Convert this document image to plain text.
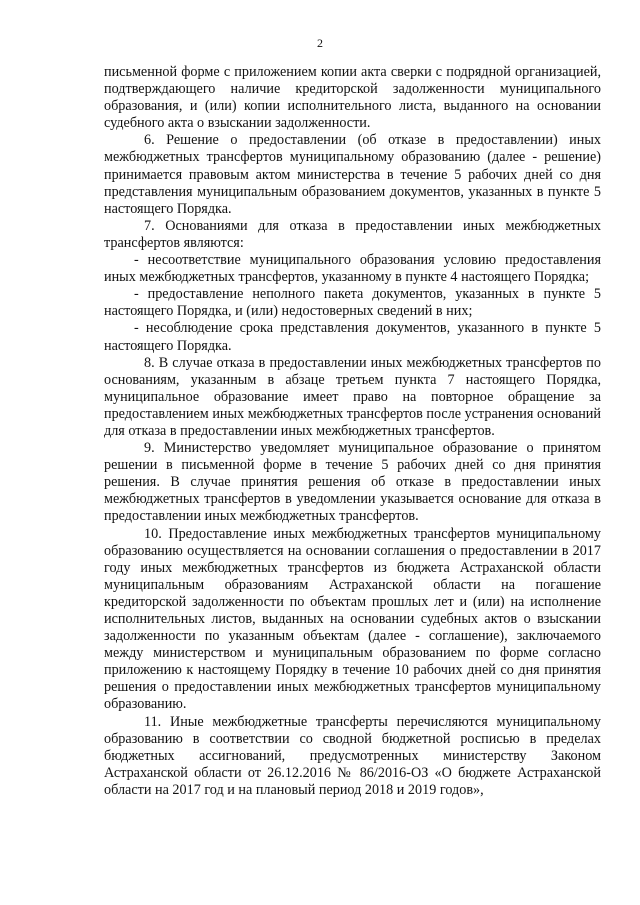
2

письменной форме с приложением копии акта сверки с подрядной организацией, подтверждающего наличие кредиторской задолженности муниципального образования, и (или) копии исполнительного листа, выданного на основании судебного акта о взыскании задолженности.

6. Решение о предоставлении (об отказе в предоставлении) иных межбюджетных трансфертов муниципальному образованию (далее - решение) принимается правовым актом министерства в течение 5 рабочих дней со дня представления муниципальным образованием документов, указанных в пункте 5 настоящего Порядка.

7. Основаниями для отказа в предоставлении иных межбюджетных трансфертов являются:

- несоответствие муниципального образования условию предоставления иных межбюджетных трансфертов, указанному в пункте 4 настоящего Порядка;

- предоставление неполного пакета документов, указанных в пункте 5 настоящего Порядка, и (или) недостоверных сведений в них;

- несоблюдение срока представления документов, указанного в пункте 5 настоящего Порядка.

8. В случае отказа в предоставлении иных межбюджетных трансфертов по основаниям, указанным в абзаце третьем пункта 7 настоящего Порядка, муниципальное образование имеет право на повторное обращение за предоставлением иных межбюджетных трансфертов после устранения оснований для отказа в предоставлении иных межбюджетных трансфертов.

9. Министерство уведомляет муниципальное образование о принятом решении в письменной форме в течение 5 рабочих дней со дня принятия решения. В случае принятия решения об отказе в предоставлении иных межбюджетных трансфертов в уведомлении указывается основание для отказа в предоставлении иных межбюджетных трансфертов.

10. Предоставление иных межбюджетных трансфертов муниципальному образованию осуществляется на основании соглашения о предоставлении в 2017 году иных межбюджетных трансфертов из бюджета Астраханской области муниципальным образованиям Астраханской области на погашение кредиторской задолженности по объектам прошлых лет и (или) на исполнение исполнительных листов, выданных на основании судебных актов о взыскании задолженности по указанным объектам (далее - соглашение), заключаемого между министерством и муниципальным образованием по форме согласно приложению к настоящему Порядку в течение 10 рабочих дней со дня принятия решения о предоставлении иных межбюджетных трансфертов муниципальному образованию.

11. Иные межбюджетные трансферты перечисляются муниципальному образованию в соответствии со сводной бюджетной росписью в пределах бюджетных ассигнований, предусмотренных министерству Законом Астраханской области от 26.12.2016 № 86/2016-ОЗ «О бюджете Астраханской области на 2017 год и на плановый период 2018 и 2019 годов»,
